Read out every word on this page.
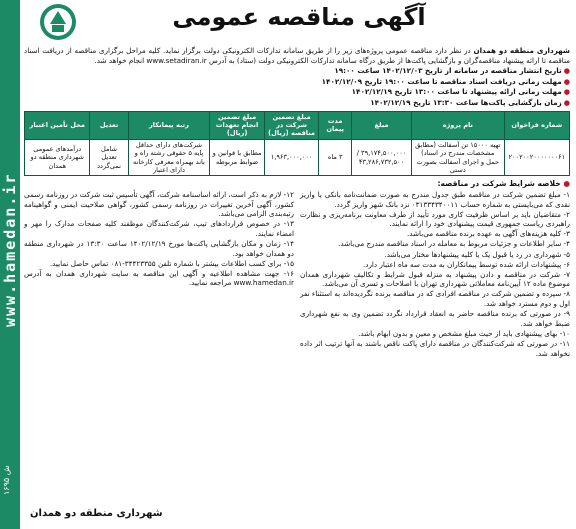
www.hamedan.ir
ش ۱۶۹۵
آگهی مناقصه عمومی
شهرداری منطقه دو همدان در نظر دارد مناقصه عمومی پروژه‌های زیر را از طریق سامانه تدارکات الکترونیکی دولت برگزار نماید. کلیه مراحل برگزاری مناقصه از دریافت اسناد مناقصه تا ارائه پیشنهاد مناقصه‌گران و بازگشایی پاکت‌ها از طریق درگاه سامانه تدارکات الکترونیکی دولت (ستاد) به آدرس www.setadiran.ir انجام خواهد شد.
●تاریخ انتشار مناقصه در سامانه از تاریخ ۱۴۰۲/۱۲/۰۳ ساعت ۱۹:۰۰
●مهلت زمانی دریافت اسناد مناقصه تا ساعت ۱۹:۰۰ تاریخ ۱۴۰۲/۱۲/۰۹
●مهلت زمانی ارائه پیشنهاد تا ساعت ۱۳:۰۰ تاریخ ۱۴۰۲/۱۲/۱۹
●زمان بازگشایی پاکت‌ها ساعت ۱۳:۳۰ تاریخ ۱۴۰۲/۱۲/۱۹
شماره فراخوان	نام پروژه	مبلغ	مدت پیمان	مبلغ تضمین شرکت در مناقصه (ریال)	مبلغ تضمین انجام تعهدات (ریال)	رتبه پیمانکار	تعدیل	محل تأمین اعتبار
۲۰۰۲۰۰۲۰۰۰۰۰۰۰۶۱	تهیه ۱۵۰۰۰ تن آسفالت (مطابق مشخصات مندرج در اسناد) حمل و اجرای آسفالت بصورت دستی	۳۹,۱۷۴,۵۰۰,۰۰۰ / ۴۳,۲۸۶,۷۳۲,۵۰۰	۳ ماه	۱,۹۶۳,۰۰۰,۰۰۰	مطابق با قوانین و ضوابط مربوطه	شرکت‌های دارای حداقل پایه ۵ حقوقی رشته راه و باند بهمراه معرفی کارخانه دارای اعتبار	شامل تعدیل نمی‌گردد	درآمدهای عمومی شهرداری منطقه دو همدان
● خلاصه شرایط شرکت در مناقصه:

۱- مبلغ تضمین شرکت در مناقصه طبق جدول مندرج به صورت ضمانت‌نامه بانکی یا واریز نقدی که می‌بایستی به شماره حساب ۰۳۱۳۳۴۳۴۰۰۱۱ نزد بانک شهر واریز گردد.

۲- متقاضیان باید بر اساس ظرفیت کاری مورد تأیید از طرف معاونت برنامه‌ریزی و نظارت راهبردی ریاست جمهوری قیمت پیشنهادی خود را ارائه نمایند.

۳- کلیه هزینه‌های آگهی به عهده برنده مناقصه می‌باشد.

۴- سایر اطلاعات و جزئیات مربوط به معامله در اسناد مناقصه مندرج می‌باشد.

۵- شهرداری در رد یا قبول یک یا کلیه پیشنهادها مختار می‌باشد.

۶- پیشنهادات ارائه شده توسط پیمانکاران به مدت سه ماه اعتبار دارد.

۷- شرکت در مناقصه و دادن پیشنهاد به منزله قبول شرایط و تکالیف شهرداری همدان موضوع ماده ۱۲ آیین‌نامه معاملاتی شهرداری تهران با اصلاحات و تسری آن می‌باشد.

۸- سپرده و تضمین شرکت در مناقصه افرادی که در مناقصه برنده نگردیده‌اند به استثناء نفر اول و دوم مسترد خواهد شد.

۹- در صورتی که برنده مناقصه حاضر به انعقاد قرارداد نگردد تضمین وی به نفع شهرداری ضبط خواهد شد.

۱۰- بهای پیشنهادی باید از حیث مبلغ مشخص و معین و بدون ابهام باشد.

۱۱- در صورتی که شرکت‌کنندگان در مناقصه دارای پاکت ناقص باشند به آنها ترتیب اثر داده نخواهد شد.

۱۲- لازم به ذکر است، ارائه اساسنامه شرکت، آگهی تأسیس ثبت شرکت در روزنامه رسمی کشور، آگهی آخرین تغییرات در روزنامه رسمی کشور، گواهی صلاحیت ایمنی و گواهینامه رتبه‌بندی الزامی می‌باشد.

۱۳- در خصوص قراردادهای تیپ، شرکت‌کنندگان موظفند کلیه صفحات مدارک را مهر و امضاء نمایند.

۱۴- زمان و مکان بازگشایی پاکت‌ها مورخ ۱۴۰۲/۱۲/۱۹ ساعت ۱۳:۳۰ در شهرداری منطقه دو همدان خواهد بود.

۱۵- برای کسب اطلاعات بیشتر با شماره تلفن ۳۴۴۲۳۳۵۵-۰۸۱ تماس حاصل نمایید.

۱۶- جهت مشاهده اطلاعیه و آگهی این مناقصه به سایت شهرداری همدان به آدرس www.hamedan.ir مراجعه نمایید.

شهرداری منطقه دو همدان
